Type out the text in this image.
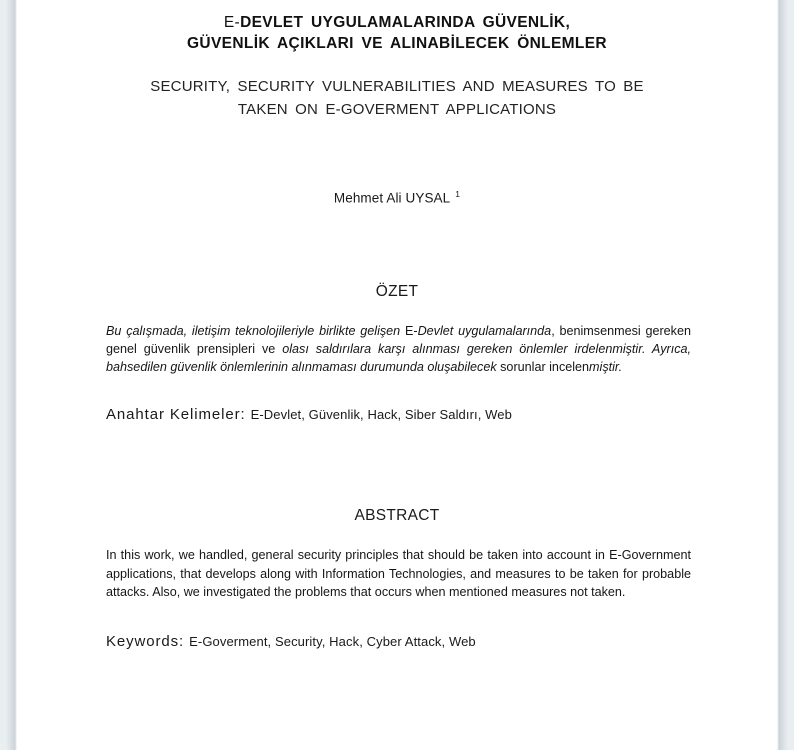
E-DEVLET UYGULAMALARINDA GÜVENLİK,
GÜVENLİK AÇIKLARI VE ALINABİLECEK ÖNLEMLER
SECURITY, SECURITY VULNERABILITIES AND MEASURES TO BE
TAKEN ON E-GOVERMENT APPLICATIONS

Mehmet Ali UYSAL $^1$

ÖZET

Bu çalışmada, iletişim teknolojileriyle birlikte gelişen E-Devlet uygulamalarında, benimsenmesi gereken genel güvenlik prensipleri ve olası saldırılara karşı alınması gereken önlemler irdelenmiştir. Ayrıca, bahsedilen güvenlik önlemlerinin alınmaması durumunda oluşabilecek sorunlar incelenmiştir.

Anahtar Kelimeler: E-Devlet, Güvenlik, Hack, Siber Saldırı, Web

ABSTRACT

In this work, we handled, general security principles that should be taken into account in E-Government applications, that develops along with Information Technologies, and measures to be taken for probable attacks. Also, we investigated the problems that occurs when mentioned measures not taken.

Keywords: E-Goverment, Security, Hack, Cyber Attack, Web
